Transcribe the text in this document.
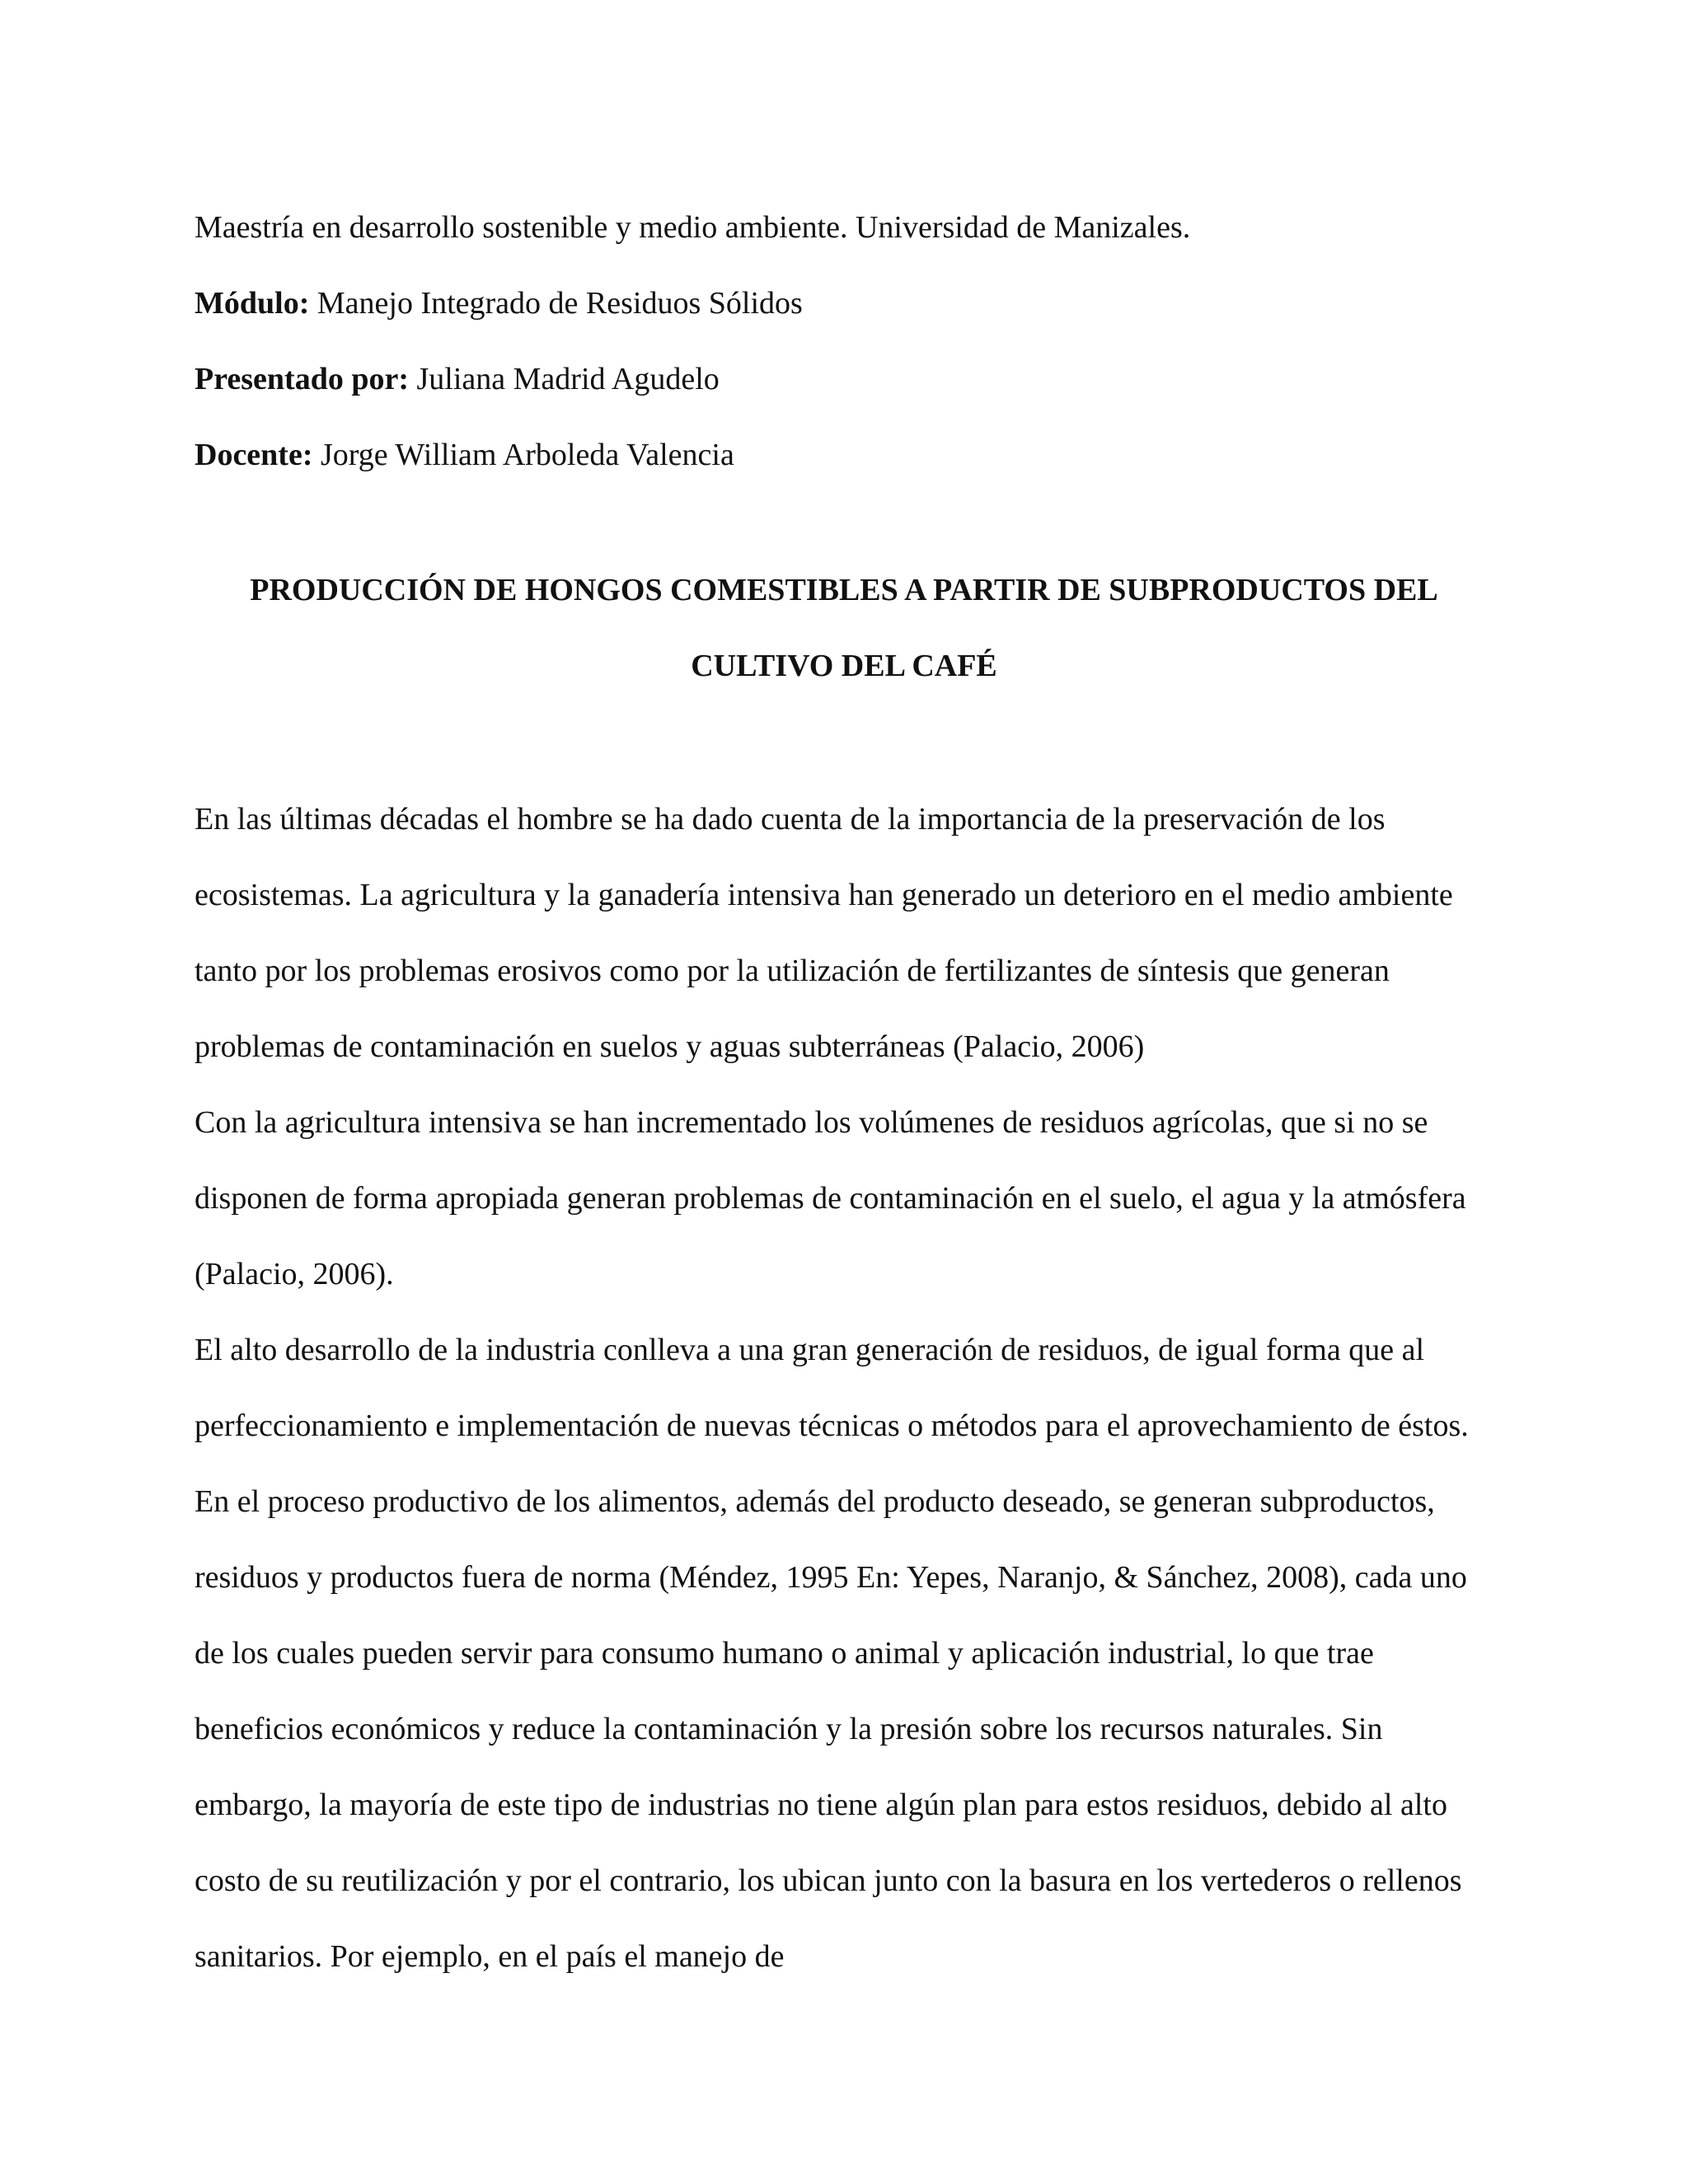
Maestría en desarrollo sostenible y medio ambiente. Universidad de Manizales.

Módulo: Manejo Integrado de Residuos Sólidos

Presentado por: Juliana Madrid Agudelo

Docente: Jorge William Arboleda Valencia

PRODUCCIÓN DE HONGOS COMESTIBLES A PARTIR DE SUBPRODUCTOS DEL
CULTIVO DEL CAFÉ

En las últimas décadas el hombre se ha dado cuenta de la importancia de la preservación de los ecosistemas. La agricultura y la ganadería intensiva han generado un deterioro en el medio ambiente tanto por los problemas erosivos como por la utilización de fertilizantes de síntesis que generan problemas de contaminación en suelos y aguas subterráneas (Palacio, 2006)

Con la agricultura intensiva se han incrementado los volúmenes de residuos agrícolas, que si no se disponen de forma apropiada generan problemas de contaminación en el suelo, el agua y la atmósfera (Palacio, 2006).

El alto desarrollo de la industria conlleva a una gran generación de residuos, de igual forma que al perfeccionamiento e implementación de nuevas técnicas o métodos para el aprovechamiento de éstos. En el proceso productivo de los alimentos, además del producto deseado, se generan subproductos, residuos y productos fuera de norma (Méndez, 1995 En: Yepes, Naranjo, & Sánchez, 2008), cada uno de los cuales pueden servir para consumo humano o animal y aplicación industrial, lo que trae beneficios económicos y reduce la contaminación y la presión sobre los recursos naturales. Sin embargo, la mayoría de este tipo de industrias no tiene algún plan para estos residuos, debido al alto costo de su reutilización y por el contrario, los ubican junto con la basura en los vertederos o rellenos sanitarios. Por ejemplo, en el país el manejo de
